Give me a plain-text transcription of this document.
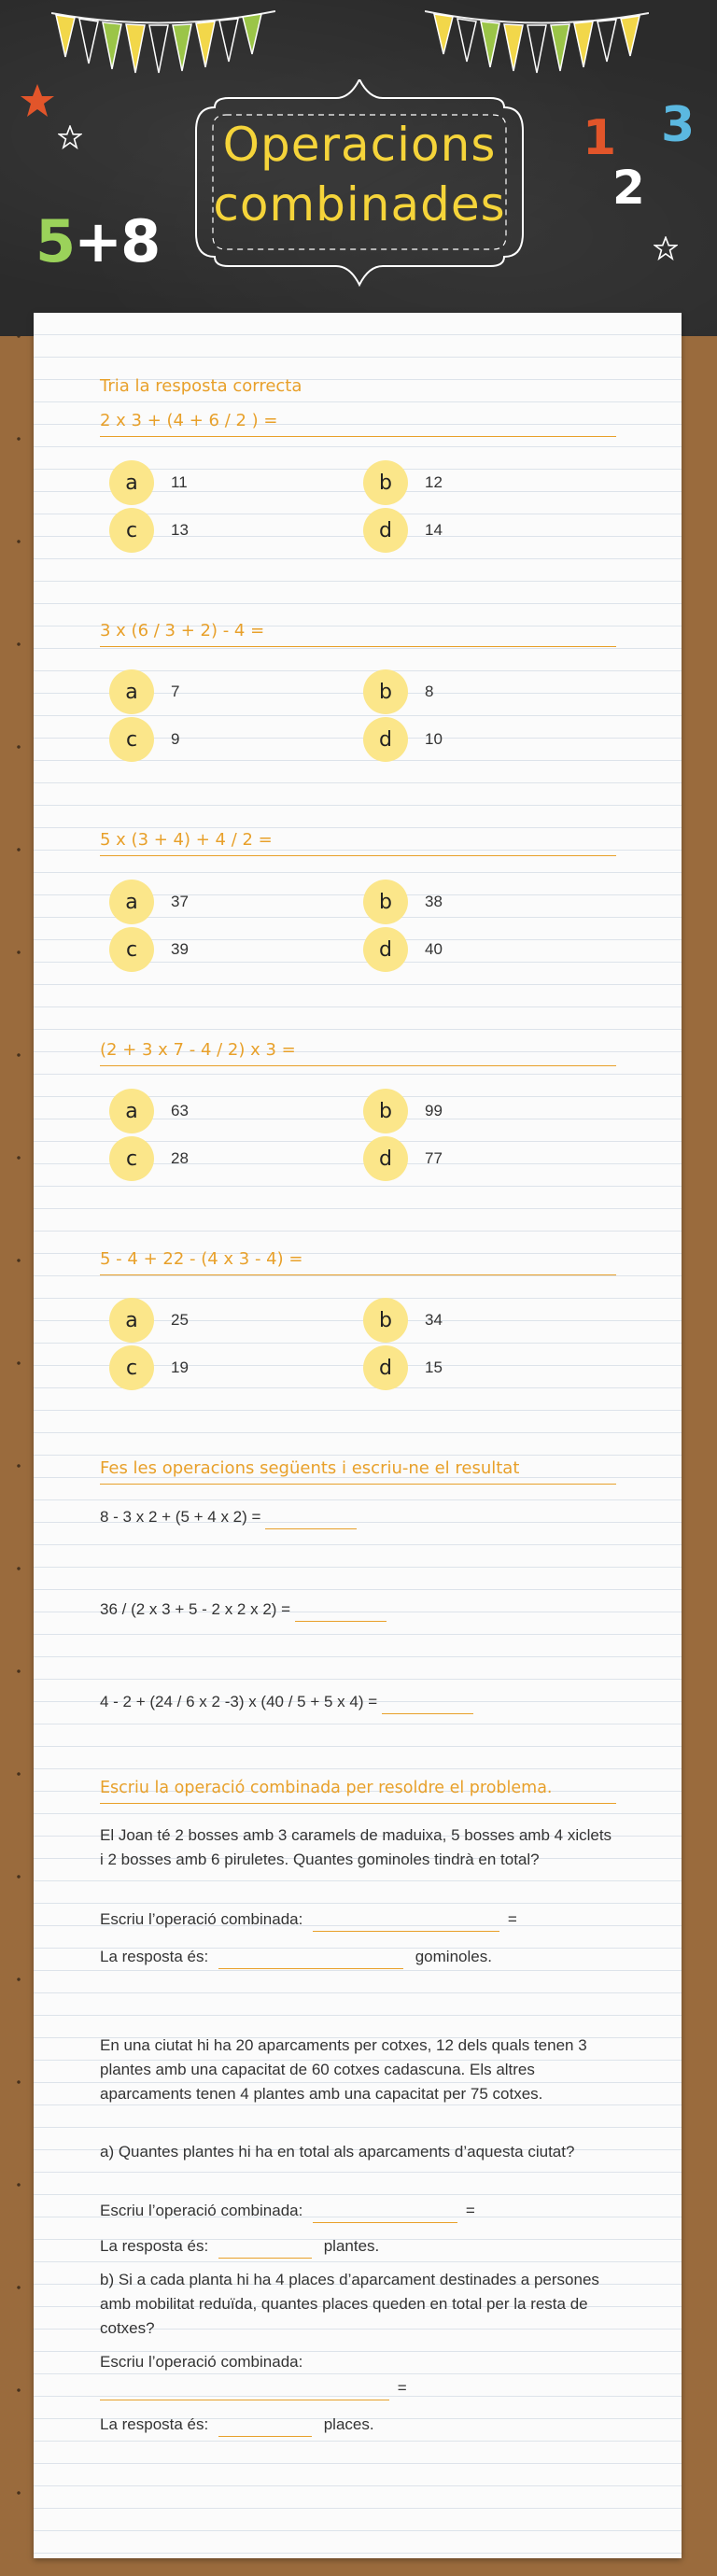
5+8
1
2
3
Operacions
combinades
Tria la resposta correcta
2 x 3 + (4 + 6 / 2 ) =
a	11	b	12
c	13	d	14
3 x (6 / 3 + 2) - 4 =
a	7	b	8
c	9	d	10
5 x (3 + 4) + 4 / 2 =
a	37	b	38
c	39	d	40
(2 + 3 x 7 - 4 / 2) x 3 =
a	63	b	99
c	28	d	77
5 - 4 + 22 - (4 x 3 - 4) =
a	25	b	34
c	19	d	15
Fes les operacions següents i escriu-ne el resultat
8 - 3 x 2 + (5 + 4 x 2) =
36 / (2 x 3 + 5 - 2 x 2 x 2) =
4 - 2 + (24 / 6 x 2 -3) x (40 / 5 + 5 x 4) =
Escriu la operació combinada per resoldre el problema.
El Joan té 2 bosses amb 3 caramels de maduixa, 5 bosses amb 4 xiclets i 2 bosses amb 6 piruletes. Quantes gominoles tindrà en total?
Escriu l’operació combinada:	=
La resposta és:	gominoles.
En una ciutat hi ha 20 aparcaments per cotxes, 12 dels quals tenen 3 plantes amb una capacitat de 60 cotxes cadascuna. Els altres aparcaments tenen 4 plantes amb una capacitat per 75 cotxes.
a) Quantes plantes hi ha en total als aparcaments d’aquesta ciutat?
Escriu l’operació combinada:	=
La resposta és:	plantes.
b) Si a cada planta hi ha 4 places d’aparcament destinades a persones amb mobilitat reduïda, quantes places queden en total per la resta de cotxes?
Escriu l’operació combinada:
=
La resposta és:	places.
